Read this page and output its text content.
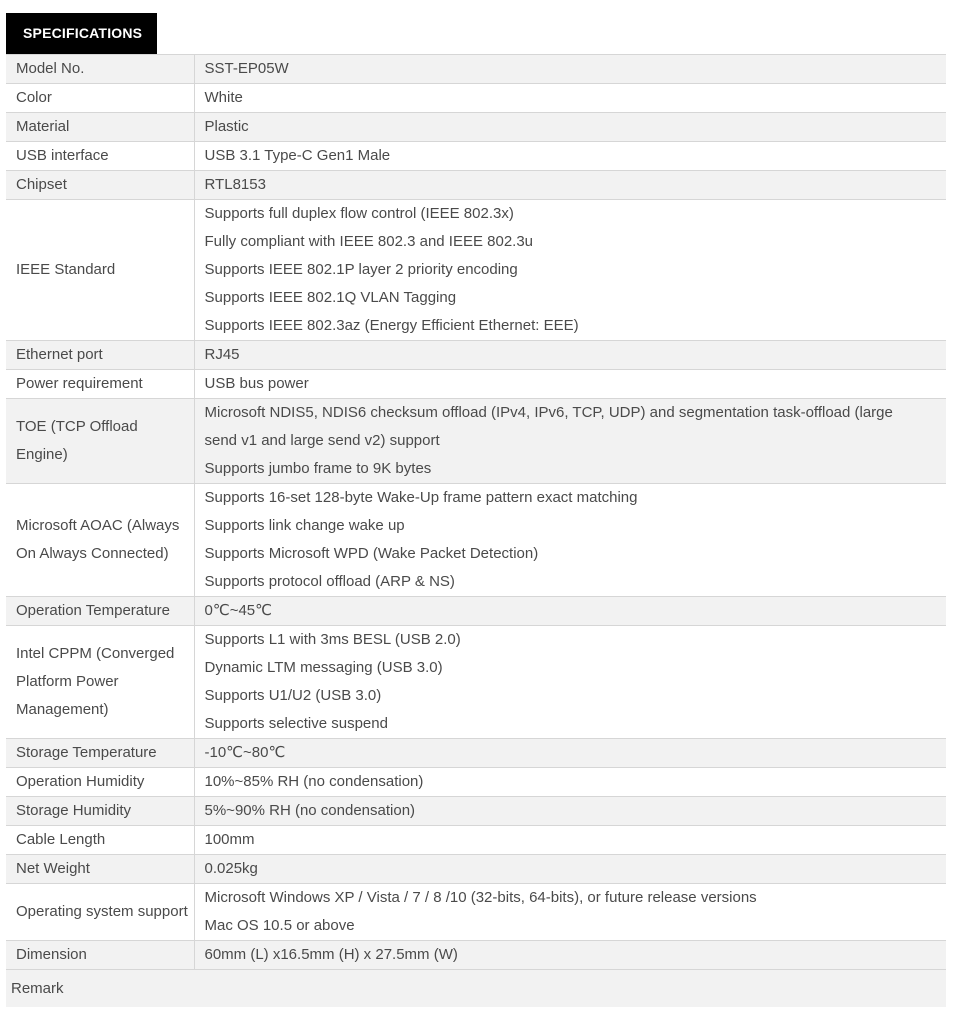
SPECIFICATIONS
Model No.	SST-EP05W

Color	White

Material	Plastic

USB interface	USB 3.1 Type-C Gen1 Male

Chipset	RTL8153

IEEE Standard	Supports full duplex flow control (IEEE 802.3x)
Fully compliant with IEEE 802.3 and IEEE 802.3u
Supports IEEE 802.1P layer 2 priority encoding
Supports IEEE 802.1Q VLAN Tagging
Supports IEEE 802.3az (Energy Efficient Ethernet: EEE)

Ethernet port	RJ45

Power requirement	USB bus power

TOE (TCP Offload Engine)	Microsoft NDIS5, NDIS6 checksum offload (IPv4, IPv6, TCP, UDP) and segmentation task-offload (large send v1 and large send v2) support
Supports jumbo frame to 9K bytes

Microsoft AOAC (Always On Always Connected)	Supports 16-set 128-byte Wake-Up frame pattern exact matching
Supports link change wake up
Supports Microsoft WPD (Wake Packet Detection)
Supports protocol offload (ARP & NS)

Operation Temperature	0℃~45℃

Intel CPPM (Converged Platform Power Management)	Supports L1 with 3ms BESL (USB 2.0)
Dynamic LTM messaging (USB 3.0)
Supports U1/U2 (USB 3.0)
Supports selective suspend

Storage Temperature	-10℃~80℃

Operation Humidity	10%~85% RH (no condensation)

Storage Humidity	5%~90% RH (no condensation)

Cable Length	100mm

Net Weight	0.025kg

Operating system support	Microsoft Windows XP / Vista / 7 / 8 /10 (32-bits, 64-bits), or future release versions
Mac OS 10.5 or above

Dimension	60mm (L) x16.5mm (H) x 27.5mm (W)

Remark	
